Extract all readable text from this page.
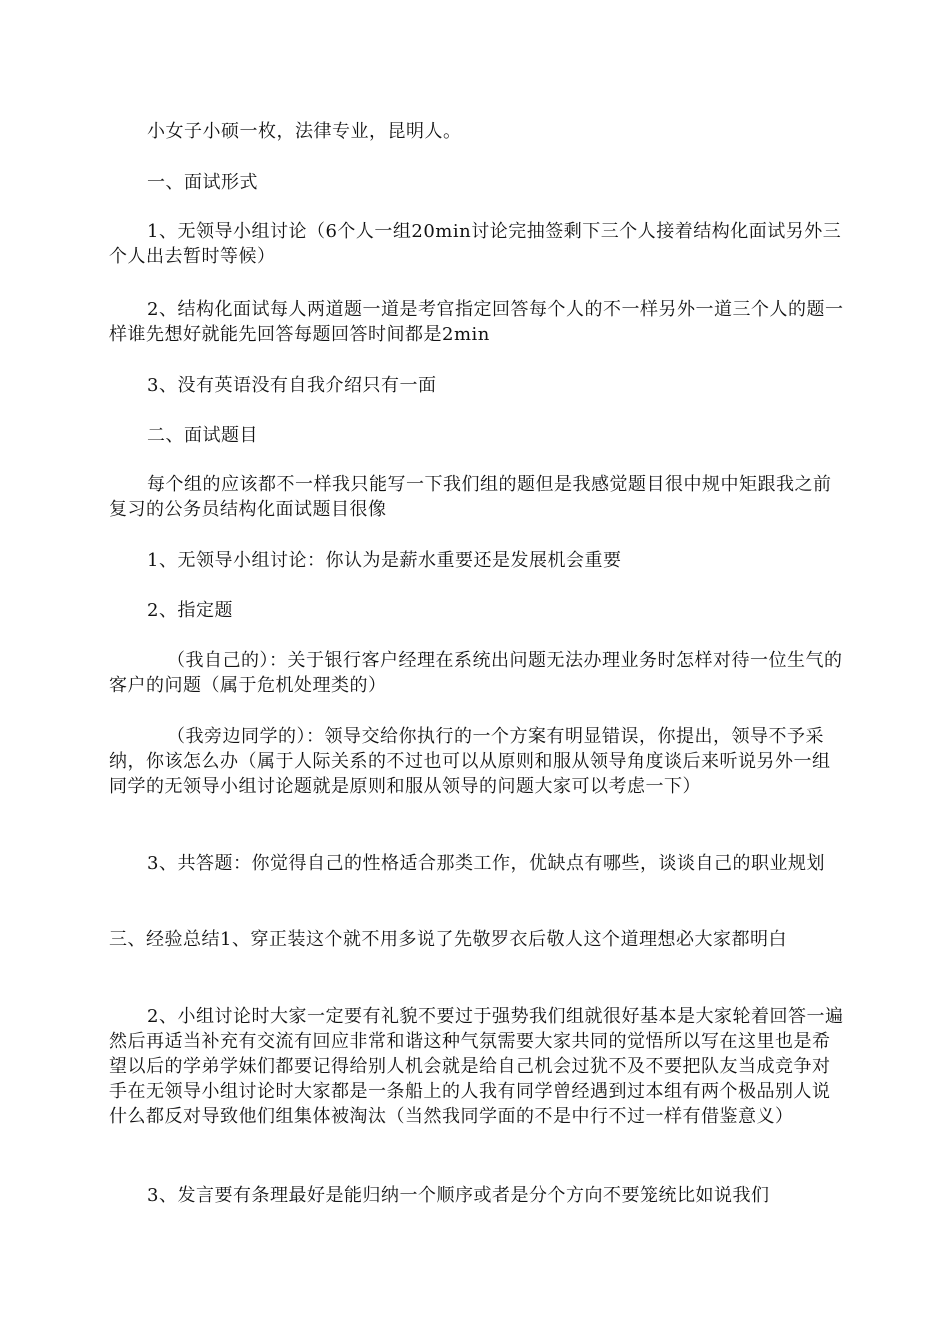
小女子小硕一枚，法律专业，昆明人。

一、面试形式

1、无领导小组讨论（6个人一组20min讨论完抽签剩下三个人接着结构化面试另外三个人出去暂时等候）

2、结构化面试每人两道题一道是考官指定回答每个人的不一样另外一道三个人的题一样谁先想好就能先回答每题回答时间都是2min

3、没有英语没有自我介绍只有一面

二、面试题目

每个组的应该都不一样我只能写一下我们组的题但是我感觉题目很中规中矩跟我之前复习的公务员结构化面试题目很像

1、无领导小组讨论：你认为是薪水重要还是发展机会重要

2、指定题

（我自己的）：关于银行客户经理在系统出问题无法办理业务时怎样对待一位生气的客户的问题（属于危机处理类的）

（我旁边同学的）：领导交给你执行的一个方案有明显错误，你提出，领导不予采纳，你该怎么办（属于人际关系的不过也可以从原则和服从领导角度谈后来听说另外一组同学的无领导小组讨论题就是原则和服从领导的问题大家可以考虑一下）

3、共答题：你觉得自己的性格适合那类工作，优缺点有哪些，谈谈自己的职业规划

三、经验总结1、穿正装这个就不用多说了先敬罗衣后敬人这个道理想必大家都明白

2、小组讨论时大家一定要有礼貌不要过于强势我们组就很好基本是大家轮着回答一遍然后再适当补充有交流有回应非常和谐这种气氛需要大家共同的觉悟所以写在这里也是希望以后的学弟学妹们都要记得给别人机会就是给自己机会过犹不及不要把队友当成竞争对手在无领导小组讨论时大家都是一条船上的人我有同学曾经遇到过本组有两个极品别人说什么都反对导致他们组集体被淘汰（当然我同学面的不是中行不过一样有借鉴意义）

3、发言要有条理最好是能归纳一个顺序或者是分个方向不要笼统比如说我们
